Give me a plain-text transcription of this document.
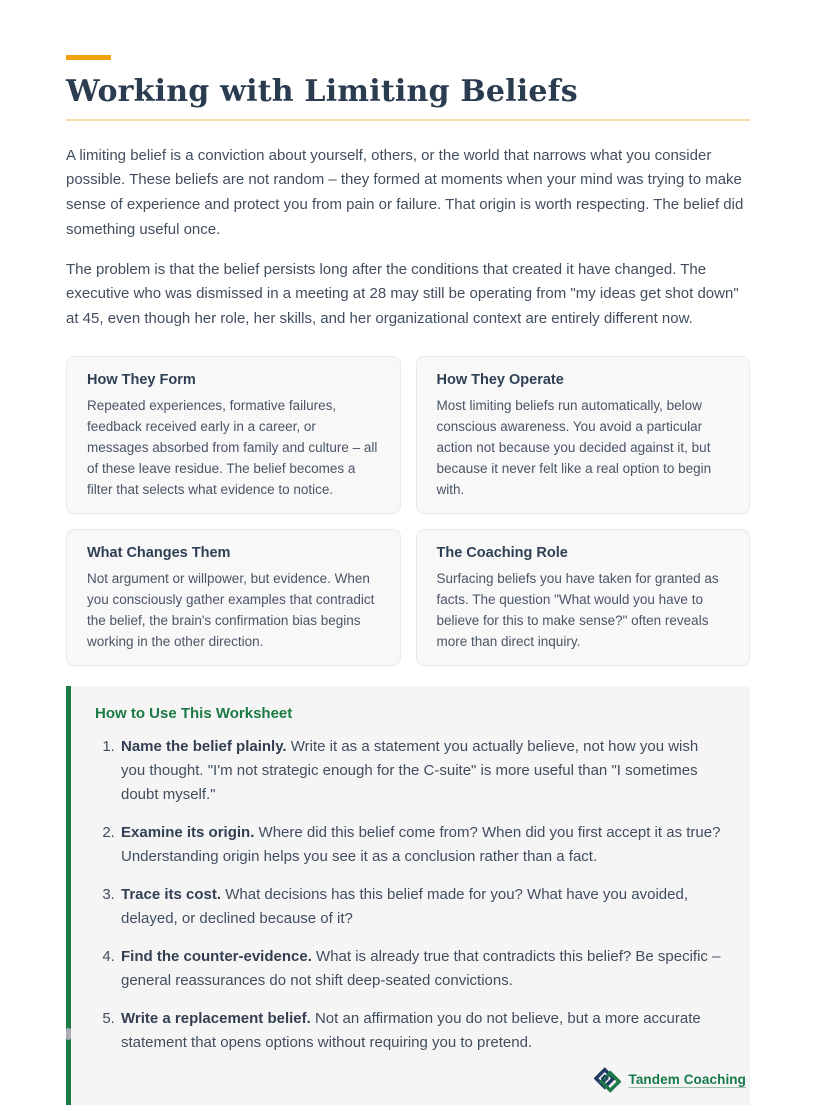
Working with Limiting Beliefs

A limiting belief is a conviction about yourself, others, or the world that narrows what you consider possible. These beliefs are not random – they formed at moments when your mind was trying to make sense of experience and protect you from pain or failure. That origin is worth respecting. The belief did something useful once.

The problem is that the belief persists long after the conditions that created it have changed. The executive who was dismissed in a meeting at 28 may still be operating from "my ideas get shot down" at 45, even though her role, her skills, and her organizational context are entirely different now.

How They Form

Repeated experiences, formative failures, feedback received early in a career, or messages absorbed from family and culture – all of these leave residue. The belief becomes a filter that selects what evidence to notice.

How They Operate

Most limiting beliefs run automatically, below conscious awareness. You avoid a particular action not because you decided against it, but because it never felt like a real option to begin with.

What Changes Them

Not argument or willpower, but evidence. When you consciously gather examples that contradict the belief, the brain's confirmation bias begins working in the other direction.

The Coaching Role

Surfacing beliefs you have taken for granted as facts. The question "What would you have to believe for this to make sense?" often reveals more than direct inquiry.

How to Use This Worksheet
1. Name the belief plainly. Write it as a statement you actually believe, not how you wish you thought. "I'm not strategic enough for the C-suite" is more useful than "I sometimes doubt myself."
2. Examine its origin. Where did this belief come from? When did you first accept it as true? Understanding origin helps you see it as a conclusion rather than a fact.
3. Trace its cost. What decisions has this belief made for you? What have you avoided, delayed, or declined because of it?
4. Find the counter-evidence. What is already true that contradicts this belief? Be specific – general reassurances do not shift deep-seated convictions.
5. Write a replacement belief. Not an affirmation you do not believe, but a more accurate statement that opens options without requiring you to pretend.
Tandem Coaching
